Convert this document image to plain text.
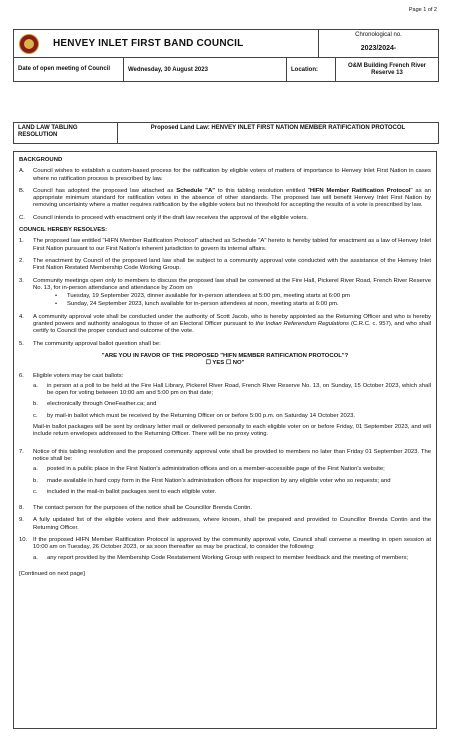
Page 1 of 2
HENVEY INLET FIRST BAND COUNCIL
Chronological no.
2023/2024-
Date of open meeting of Council	Wednesday, 30 August 2023	Location:
O&M Building French River Reserve 13
LAND LAW TABLING RESOLUTION
Proposed Land Law: HENVEY INLET FIRST NATION MEMBER RATIFICATION PROTOCOL
BACKGROUND
A.	Council wishes to establish a custom-based process for the ratification by eligible voters of matters of importance to Henvey Inlet First Nation in cases where no ratification process is prescribed by law.
B.	Council has adopted the proposed law attached as Schedule "A" to this tabling resolution entitled "HIFN Member Ratification Protocol" as an appropriate minimum standard for ratification votes in the absence of other standards. The proposed law will benefit Henvey Inlet First Nation by removing uncertainty where a matter requires ratification by the eligible voters but no threshold for accepting the results of a vote is prescribed by law.
C.	Council intends to proceed with enactment only if the draft law receives the approval of the eligible voters.
COUNCIL HEREBY RESOLVES:
1.	The proposed law entitled "HIFN Member Ratification Protocol" attached as Schedule "A" hereto is hereby tabled for enactment as a law of Henvey Inlet First Nation pursuant to our First Nation's inherent jurisdiction to govern its internal affairs.
2.	The enactment by Council of the proposed land law shall be subject to a community approval vote conducted with the assistance of the Henvey Inlet First Nation Restated Membership Code Working Group.
3.	Community meetings open only to members to discuss the proposed law shall be convened at the Fire Hall, Pickerel River Road, French River Reserve No. 13, for in-person attendance and attendance by Zoom on
•	Tuesday, 19 September 2023, dinner available for in-person attendees at 5:00 pm, meeting starts at 6:00 pm
•	Sunday, 24 September 2023, lunch available for in-person attendees at noon, meeting starts at 6:00 pm.
4.	A community approval vote shall be conducted under the authority of Scott Jacob, who is hereby appointed as the Returning Officer and who is hereby granted powers and authority analogous to those of an Electoral Officer pursuant to the Indian Referendum Regulations (C.R.C. c. 957), and who shall certify to Council the proper conduct and outcome of the vote.
5.	The community approval ballot question shall be:
"ARE YOU IN FAVOR OF THE PROPOSED "HIFN MEMBER RATIFICATION PROTOCOL"?
☐ YES ☐ NO"
6.	Eligible voters may be cast ballots:
a.	in person at a poll to be held at the Fire Hall Library, Pickerel River Road, French River Reserve No. 13, on Sunday, 15 October 2023, which shall be open for voting between 10:00 am and 5:00 pm on that date;
b.	electronically through OneFeather.ca; and
c.	by mail-in ballot which must be received by the Returning Officer on or before 5:00 p.m. on Saturday 14 October 2023.
Mail-in ballot packages will be sent by ordinary letter mail or delivered personally to each eligible voter on or before Friday, 01 September 2023, and will include return envelopes addressed to the Returning Officer. There will be no proxy voting.
7.	Notice of this tabling resolution and the proposed community approval vote shall be provided to members no later than Friday 01 September 2023. The notice shall be:
a.	posted in a public place in the First Nation's administration offices and on a member-accessible page of the First Nation's website;
b.	made available in hard copy form in the First Nation's administration offices for inspection by any eligible voter who so requests; and
c.	included in the mail-in ballot packages sent to each eligible voter.
8.	The contact person for the purposes of the notice shall be Councillor Brenda Contin.
9.	A fully updated list of the eligible voters and their addresses, where known, shall be prepared and provided to Councillor Brenda Contin and the Returning Officer.
10. If the proposed HIFN Member Ratification Protocol is approved by the community approval vote, Council shall convene a meeting in open session at 10:00 am on Tuesday, 26 October 2023, or as soon thereafter as may be practical, to consider the following:
a.	any report provided by the Membership Code Restatement Working Group with respect to member feedback and the meeting of members;
[Continued on next page]
